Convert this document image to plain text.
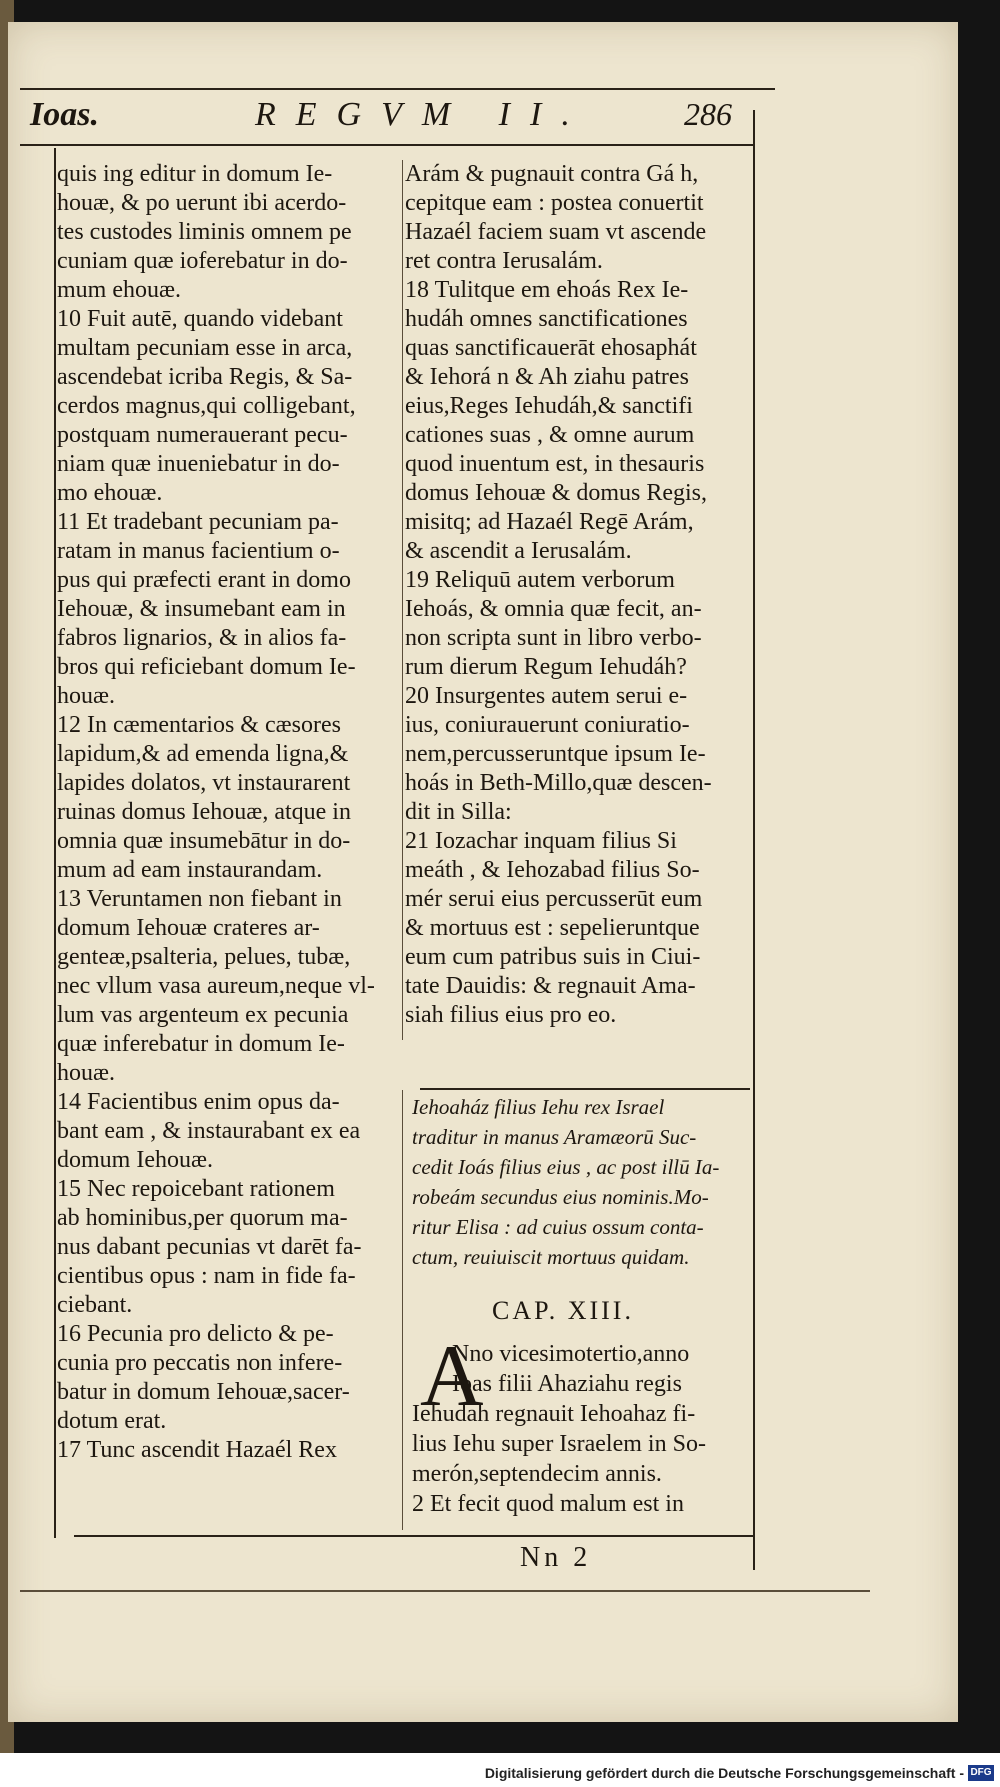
Ioas.	REGVM II.	286

quis ing editur in domum Ie-

houæ, & po uerunt ibi acerdo-

tes custodes liminis omnem pe

cuniam quæ ioferebatur in do-

mum ehouæ.

10 Fuit autē, quando videbant

multam pecuniam esse in arca,

ascendebat icriba Regis, & Sa-

cerdos magnus,qui colligebant,

postquam numerauerant pecu-

niam quæ inueniebatur in do-

mo ehouæ.

11 Et tradebant pecuniam pa-

ratam in manus facientium o-

pus qui præfecti erant in domo

Iehouæ, & insumebant eam in

fabros lignarios, & in alios fa-

bros qui reficiebant domum Ie-

houæ.

12 In cæmentarios & cæsores

lapidum,& ad emenda ligna,&

lapides dolatos, vt instaurarent

ruinas domus Iehouæ, atque in

omnia quæ insumebātur in do-

mum ad eam instaurandam.

13 Veruntamen non fiebant in

domum Iehouæ crateres ar-

genteæ,psalteria, pelues, tubæ,

nec vllum vasa aureum,neque vl-

lum vas argenteum ex pecunia

quæ inferebatur in domum Ie-

houæ.

14 Facientibus enim opus da-

bant eam , & instaurabant ex ea

domum Iehouæ.

15 Nec repoicebant rationem

ab hominibus,per quorum ma-

nus dabant pecunias vt darēt fa-

cientibus opus : nam in fide fa-

ciebant.

16 Pecunia pro delicto & pe-

cunia pro peccatis non infere-

batur in domum Iehouæ,sacer-

dotum erat.

17 Tunc ascendit Hazaél Rex

Arám & pugnauit contra Gá h,

cepitque eam : postea conuertit

Hazaél faciem suam vt ascende

ret contra Ierusalám.

18 Tulitque em ehoás Rex Ie-

hudáh omnes sanctificationes

quas sanctificauerāt ehosaphát

& Iehorá n & Ah ziahu patres

eius,Reges Iehudáh,& sanctifi

cationes suas , & omne aurum

quod inuentum est, in thesauris

domus Iehouæ & domus Regis,

misitq; ad Hazaél Regē Arám,

& ascendit a Ierusalám.

19 Reliquū autem verborum

Iehoás, & omnia quæ fecit, an-

non scripta sunt in libro verbo-

rum dierum Regum Iehudáh?

20 Insurgentes autem serui e-

ius, coniurauerunt coniuratio-

nem,percusseruntque ipsum Ie-

hoás in Beth-Millo,quæ descen-

dit in Silla:

21 Iozachar inquam filius Si

meáth , & Iehozabad filius So-

mér serui eius percusserūt eum

& mortuus est : sepelieruntque

eum cum patribus suis in Ciui-

tate Dauidis: & regnauit Ama-

siah filius eius pro eo.

Iehoaház filius Iehu rex Israel

traditur in manus Aramæorū Suc-

cedit Ioás filius eius , ac post illū Ia-

robeám secundus eius nominis.Mo-

ritur Elisa : ad cuius ossum conta-

ctum, reuiuiscit mortuus quidam.

CAP. XIII.
A

Nno vicesimotertio,anno

Ioas filii Ahaziahu regis

Iehudah regnauit Iehoahaz fi-

lius Iehu super Israelem in So-

merón,septendecim annis.

2 Et fecit quod malum est in

Nn 2
Digitalisierung gefördert durch die Deutsche Forschungsgemeinschaft - DFG
